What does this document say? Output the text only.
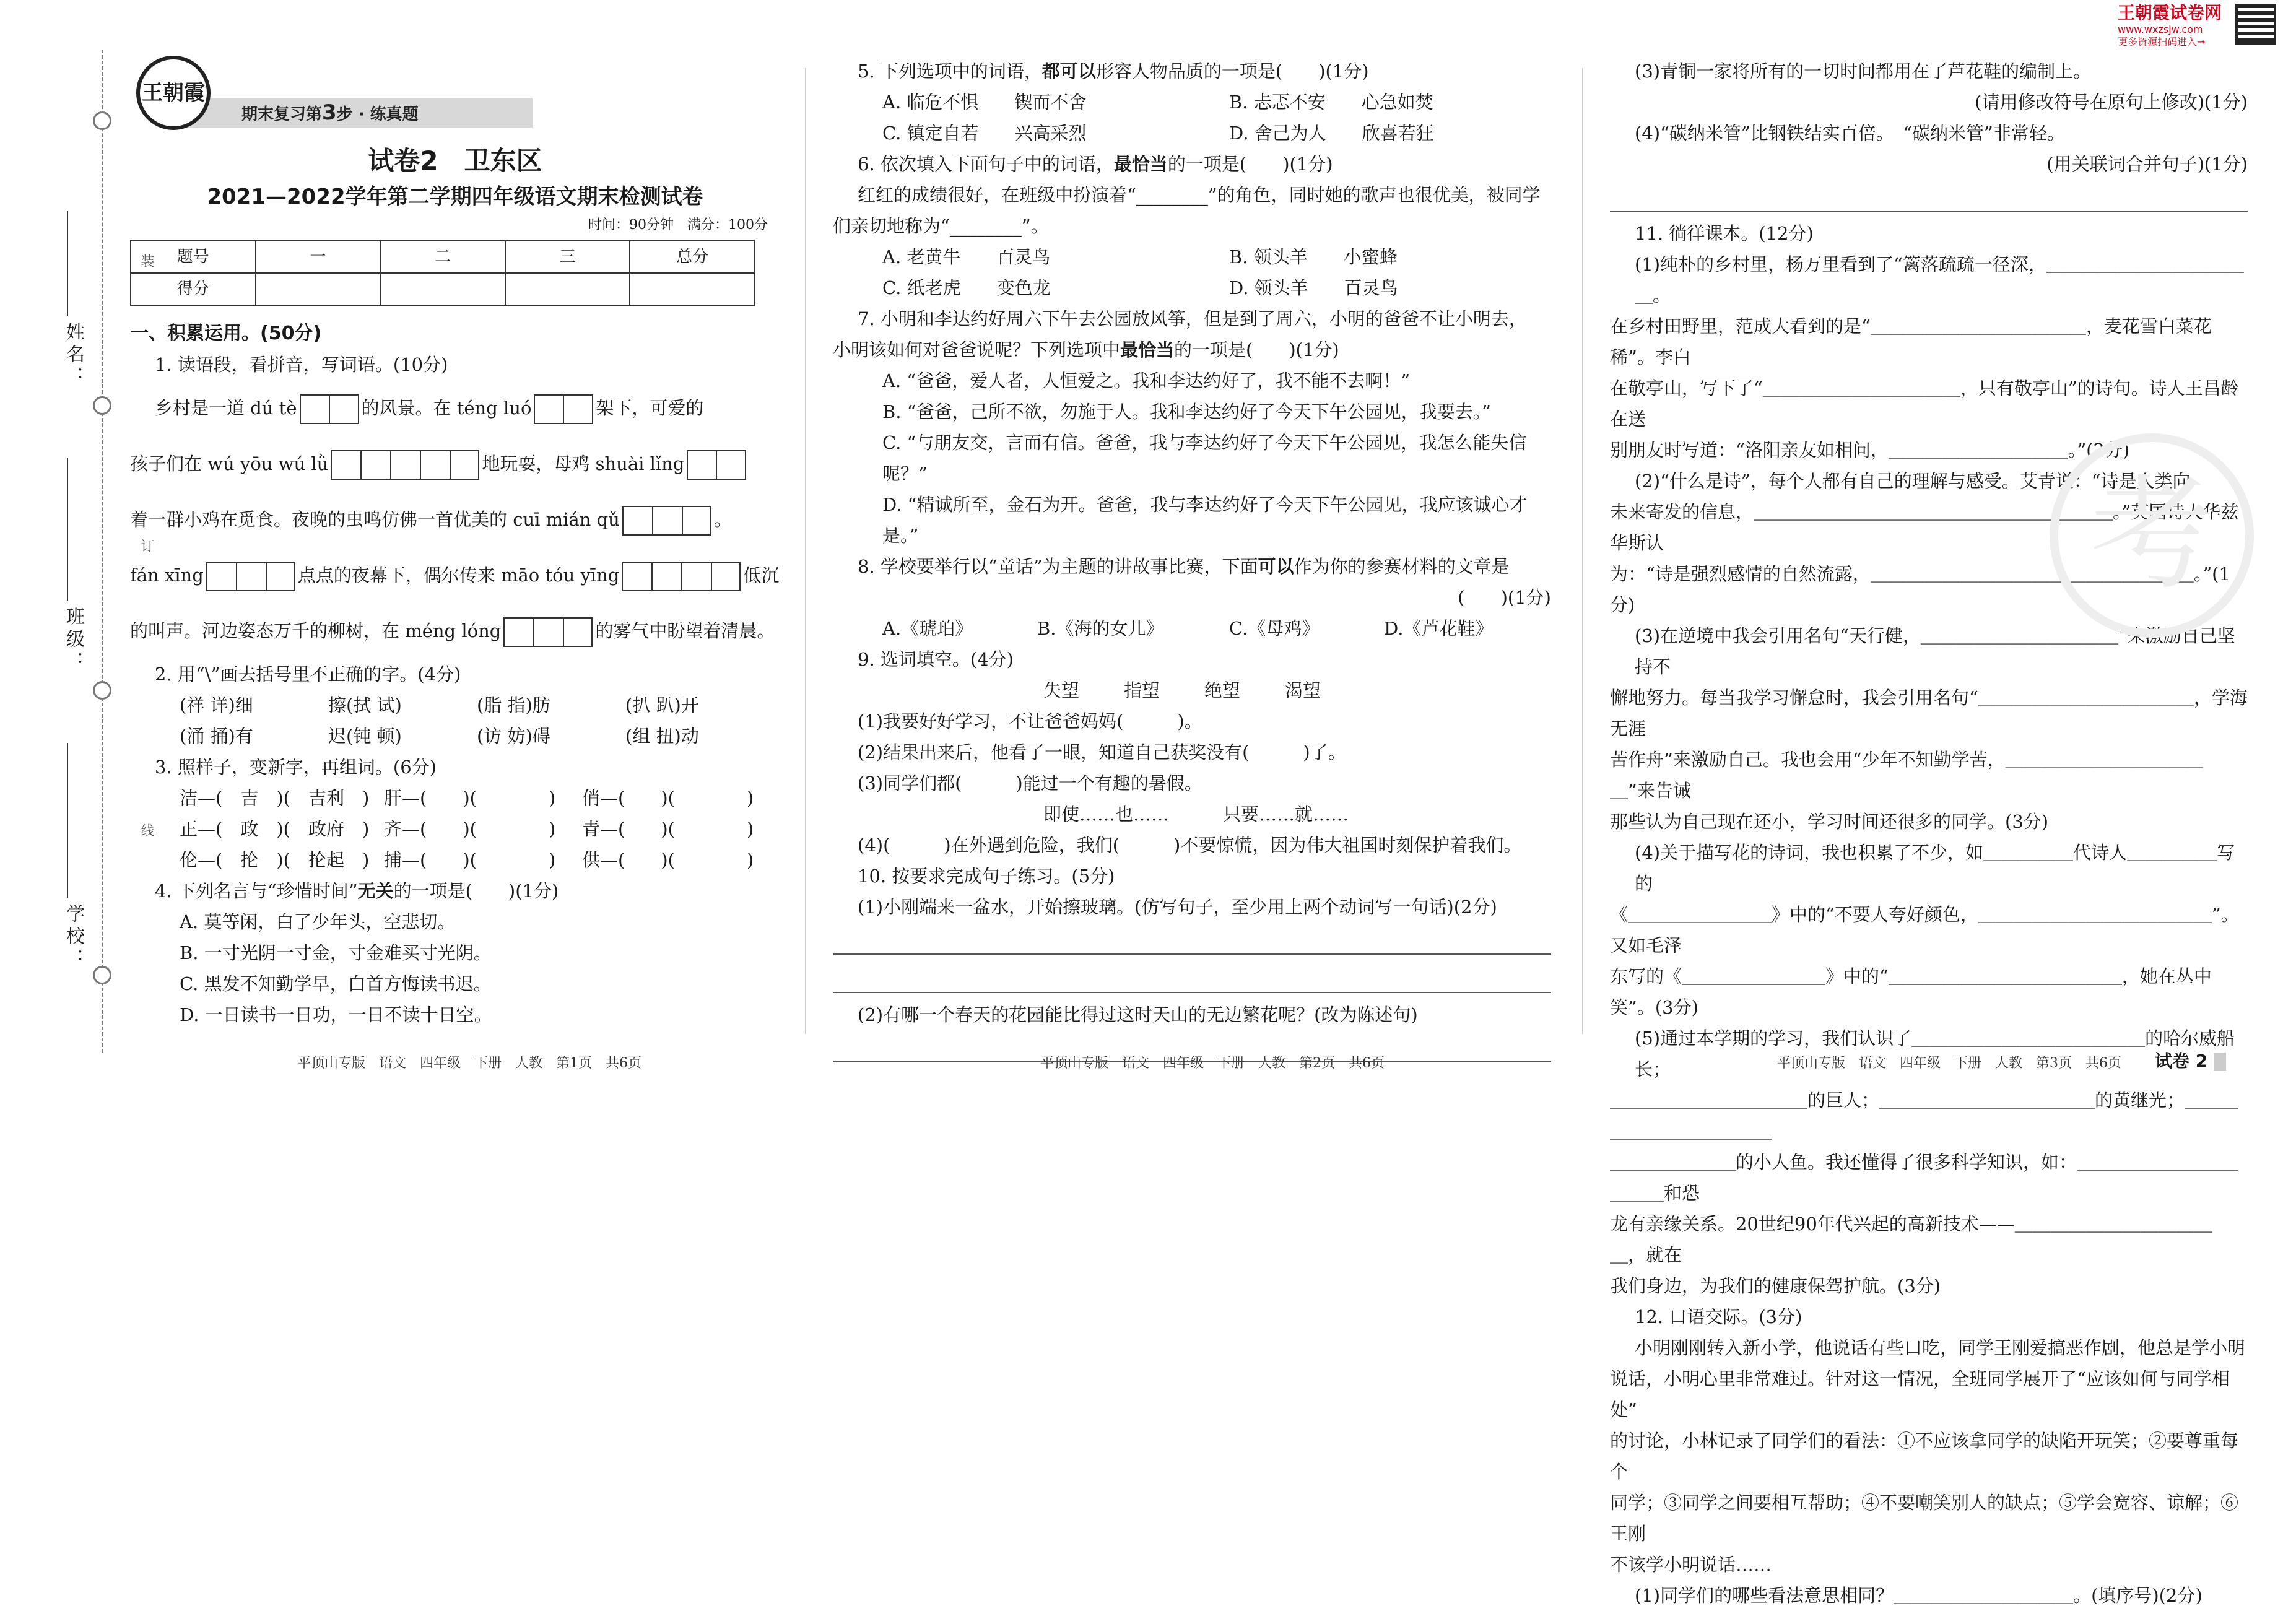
王朝霞试卷网
www.wxzsjw.com
更多资源扫码进入→
装
订
线
姓名：
班级：
学校：
期末复习第3步 · 练真题
王朝霞
试卷2　卫东区
2021—2022学年第二学期四年级语文期末检测试卷
时间：90分钟　满分：100分
题号	一	二	三	总分
得分				

一、积累运用。(50分)

1. 读语段，看拼音，写词语。(10分)

乡村是一道 dú tè	的风景。在 téng luó	架下，可爱的
孩子们在 wú yōu wú lǜ	地玩耍，母鸡 shuài lǐng
着一群小鸡在觅食。夜晚的虫鸣仿佛一首优美的 cuī mián qǔ	。
fán xīng	点点的夜幕下，偶尔传来 māo tóu yīng	低沉
的叫声。河边姿态万千的柳树，在 méng lóng	的雾气中盼望着清晨。

2. 用“\”画去括号里不正确的字。(4分)

(祥 详)细	擦(拭 试)	(脂 指)肪	(扒 趴)开
(涌 捅)有	迟(钝 顿)	(访 妨)碍	(组 扭)动

3. 照样子，变新字，再组词。(6分)

洁—(　吉　)(　吉利　) 肝—(　　)(　　　　)	俏—(　　)(　　　　)
正—(　政　)(　政府　) 齐—(　　)(　　　　)	青—(　　)(　　　　)
伦—(　抡　)(　抡起　) 捕—(　　)(　　　　)	供—(　　)(　　　　)

4. 下列名言与“珍惜时间”无关的一项是(　　)(1分)

A. 莫等闲，白了少年头，空悲切。

B. 一寸光阴一寸金，寸金难买寸光阴。

C. 黑发不知勤学早，白首方悔读书迟。

D. 一日读书一日功，一日不读十日空。

5. 下列选项中的词语，都可以形容人物品质的一项是(　　)(1分)

A. 临危不惧　　锲而不舍	B. 忐忑不安　　心急如焚
C. 镇定自若　　兴高采烈	D. 舍己为人　　欣喜若狂

6. 依次填入下面句子中的词语，最恰当的一项是(　　)(1分)

红红的成绩很好，在班级中扮演着“________”的角色，同时她的歌声也很优美，被同学

们亲切地称为“________”。

A. 老黄牛　　百灵鸟	B. 领头羊　　小蜜蜂
C. 纸老虎　　变色龙	D. 领头羊　　百灵鸟

7. 小明和李达约好周六下午去公园放风筝，但是到了周六，小明的爸爸不让小明去，

小明该如何对爸爸说呢？下列选项中最恰当的一项是(　　)(1分)

A. “爸爸，爱人者，人恒爱之。我和李达约好了，我不能不去啊！”

B. “爸爸，己所不欲，勿施于人。我和李达约好了今天下午公园见，我要去。”

C. “与朋友交，言而有信。爸爸，我与李达约好了今天下午公园见，我怎么能失信呢？”

D. “精诚所至，金石为开。爸爸，我与李达约好了今天下午公园见，我应该诚心才是。”

8. 学校要举行以“童话”为主题的讲故事比赛，下面可以作为你的参赛材料的文章是

(　　)(1分)

A.《琥珀》	B.《海的女儿》	C.《母鸡》	D.《芦花鞋》

9. 选词填空。(4分)

失望	指望	绝望	渴望

(1)我要好好学习，不让爸爸妈妈(　　　)。

(2)结果出来后，他看了一眼，知道自己获奖没有(　　　)了。

(3)同学们都(　　　)能过一个有趣的暑假。

即使……也……　　　只要……就……

(4)(　　　)在外遇到危险，我们(　　　)不要惊慌，因为伟大祖国时刻保护着我们。

10. 按要求完成句子练习。(5分)

(1)小刚端来一盆水，开始擦玻璃。(仿写句子，至少用上两个动词写一句话)(2分)

(2)有哪一个春天的花园能比得过这时天山的无边繁花呢？(改为陈述句)

(3)青铜一家将所有的一切时间都用在了芦花鞋的编制上。

(请用修改符号在原句上修改)(1分)

(4)“碳纳米管”比钢铁结实百倍。　“碳纳米管”非常轻。

(用关联词合并句子)(1分)

11. 徜徉课本。(12分)

(1)纯朴的乡村里，杨万里看到了“篱落疏疏一径深，＿＿＿＿＿＿＿＿＿＿＿＿。

在乡村田野里，范成大看到的是“＿＿＿＿＿＿＿＿＿＿＿＿，麦花雪白菜花稀”。李白

在敬亭山，写下了“＿＿＿＿＿＿＿＿＿＿＿，只有敬亭山”的诗句。诗人王昌龄在送

别朋友时写道：“洛阳亲友如相问，＿＿＿＿＿＿＿＿＿＿。”(2分)

(2)“什么是诗”，每个人都有自己的理解与感受。艾青说：“诗是人类向

未来寄发的信息，＿＿＿＿＿＿＿＿＿＿＿＿＿＿＿＿＿＿＿＿。”英国诗人华兹华斯认

为：“诗是强烈感情的自然流露，＿＿＿＿＿＿＿＿＿＿＿＿＿＿＿＿＿＿。”(1分)

(3)在逆境中我会引用名句“天行健，＿＿＿＿＿＿＿＿＿＿＿”来激励自己坚持不

懈地努力。每当我学习懈怠时，我会引用名句“＿＿＿＿＿＿＿＿＿＿＿＿，学海无涯

苦作舟”来激励自己。我也会用“少年不知勤学苦，＿＿＿＿＿＿＿＿＿＿＿＿”来告诫

那些认为自己现在还小，学习时间还很多的同学。(3分)

(4)关于描写花的诗词，我也积累了不少，如＿＿＿＿＿代诗人＿＿＿＿＿写的

《＿＿＿＿＿＿＿＿》中的“不要人夸好颜色，＿＿＿＿＿＿＿＿＿＿＿＿＿”。又如毛泽

东写的《＿＿＿＿＿＿＿＿》中的“＿＿＿＿＿＿＿＿＿＿＿＿＿，她在丛中笑”。(3分)

(5)通过本学期的学习，我们认识了＿＿＿＿＿＿＿＿＿＿＿＿＿的哈尔威船长；

＿＿＿＿＿＿＿＿＿＿＿的巨人；＿＿＿＿＿＿＿＿＿＿＿＿的黄继光；＿＿＿＿＿＿＿＿＿＿＿＿

＿＿＿＿＿＿＿的小人鱼。我还懂得了很多科学知识，如：＿＿＿＿＿＿＿＿＿＿＿＿和恐

龙有亲缘关系。20世纪90年代兴起的高新技术——＿＿＿＿＿＿＿＿＿＿＿＿，就在

我们身边，为我们的健康保驾护航。(3分)

12. 口语交际。(3分)

小明刚刚转入新小学，他说话有些口吃，同学王刚爱搞恶作剧，他总是学小明

说话，小明心里非常难过。针对这一情况，全班同学展开了“应该如何与同学相处”

的讨论，小林记录了同学们的看法：①不应该拿同学的缺陷开玩笑；②要尊重每个

同学；③同学之间要相互帮助；④不要嘲笑别人的缺点；⑤学会宽容、谅解；⑥王刚

不该学小明说话……

(1)同学们的哪些看法意思相同？＿＿＿＿＿＿＿＿＿＿。(填序号)(2分)

考
平顶山专版　语文　四年级　下册　人教　第1页　共6页	平顶山专版　语文　四年级　下册　人教　第2页　共6页	平顶山专版　语文　四年级　下册　人教　第3页　共6页 试卷 2
